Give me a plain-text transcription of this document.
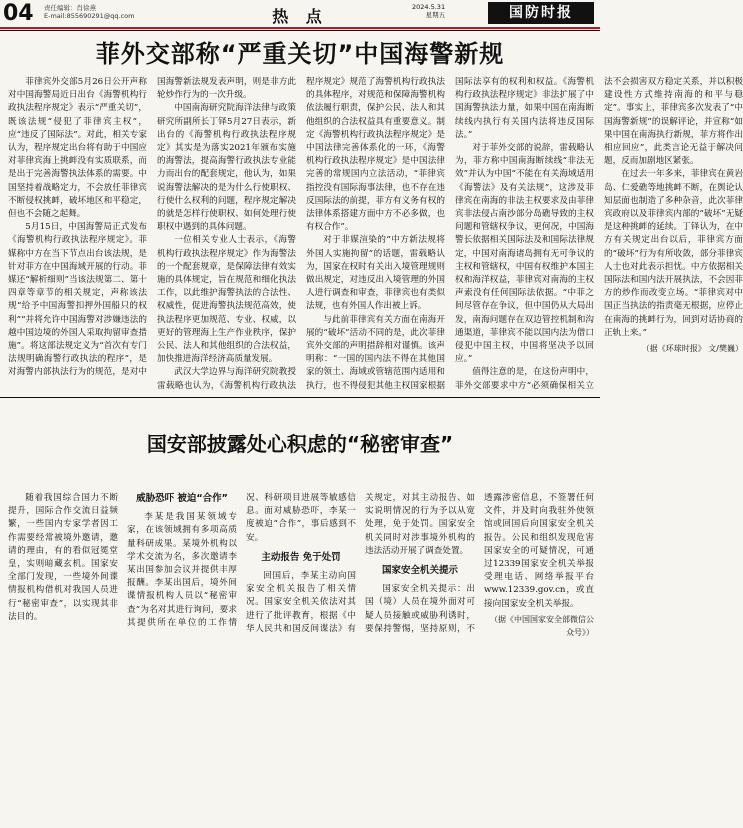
04 责任编辑：肖徐燕
E-mail:855690291@qq.com	热 点	2024.5.31
星期五	国防时报
菲外交部称“严重关切”中国海警新规

菲律宾外交部5月26日公开声称对中国海警局近日出台《海警机构行政执法程序规定》表示“严重关切”，既该法规“侵犯了菲律宾主权”，应“违反了国际法”。对此，相关专家认为，程序规定出台将有助于中国应对菲律宾海上挑衅没有实质联系，而是出于完善海警执法体系的需要。中国坚持着战略定力，不会放任菲律宾不断侵权挑衅，破坏地区和平稳定，但也不会随之起舞。

5月15日，中国海警局正式发布《海警机构行政执法程序规定》。菲媒称中方在当下节点出台该法规，是针对菲方在中国海域开展的行动。菲媒还“解析细则”当该法规第二、第十四章等章节的相关规定，声称该法规“给予中国海警扣押外国船只的权利”“并将允许中国海警对涉嫌违法的越中国边境的外国人采取拘留审查措施”。将这部法规定义为“首次有专门法规明确海警行政执法的程序”，是对海警内部执法行为的规范，是对中国海警新法规发表声明，则是非方此轮炒作行为的一次升级。

中国南海研究院海洋法律与政策研究所副所长丁铎5月27日表示，新出台的《海警机构行政执法程序规定》其实是为落实2021年颁布实施的海警法，提高海警行政执法专业能力而出台的配套规定，他认为，如果说海警法解决的是为什么行使职权、行使什么权利的问题，程序规定解决的就是怎样行使职权、如何处理行使职权中遇到的具体问题。

一位相关专业人士表示，《海警机构行政执法程序规定》作为海警法的一个配套规章，是保障法律有效实施的具体规定，旨在规范和细化执法工作，以此维护海警执法的合法性、权威性，促进海警执法规范高效，使执法程序更加规范、专业、权威，以更好的管理海上生产作业秩序，保护公民、法人和其他组织的合法权益，加快推进海洋经济高质量发展。

武汉大学边界与海洋研究院教授雷载略也认为，《海警机构行政执法程序规定》规范了海警机构行政执法的具体程序，对规范和保障海警机构依法履行职责，保护公民、法人和其他组织的合法权益具有重要意义。制定《海警机构行政执法程序规定》是中国法律完善体系化的一环，《海警机构行政执法程序规定》是中国法律完善的常规国内立法活动，“菲律宾指控没有国际海事法律，也不存在违反国际法的前提，菲方有义务有权的法律体系搭建方面中方不必多做，也有权合作”。

对于非媒渲染的“中方新法规将外国人实施拘留”的话题，雷载略认为，国家在权时有关出入境管理规则做出规定，对违反出入境管理的外国人进行调查和审查，菲律宾也有类似法规，也有外国人作出被上诉。

与此前菲律宾有关方面在南海开展的“破坏”活动不同的是，此次菲律宾外交部的声明措辞相对谨慎。该声明称：“一国的国内法不得在其他国家的领土、海域或管辖范围内适用和执行，也不得侵犯其他主权国家根据国际法享有的权利和权益。《海警机构行政执法程序规定》非法扩展了中国海警执法力量，如果中国在南海断续线内执行有关国内法将违反国际法。”

对于菲外交部的说辞，雷载略认为，菲方称中国南海断续线“非法无效”并认为中国“不能在有关海域适用《海警法》及有关法规”，这涉及菲律宾在南海的非法主权要求及由菲律宾非法侵占南沙部分岛礁导致的主权问题和管辖权争议，更何况，中国海警长依据相关国际法及和国际法律规定，中国对南海诸岛拥有无可争议的主权和管辖权，中国有权维护本国主权和海洋权益，菲律宾对南海的主权声索没有任何国际法依据。“中菲之间尽管存在争议，但中国仍从大局出发，南海问题存在双边管控机制和沟通渠道，菲律宾不能以国内法为借口侵犯中国主权，中国将坚决予以回应。”

值得注意的是，在这份声明中，菲外交部要求中方“必须确保相关立法不会损害双方稳定关系，并以积极建设性方式维持南海的和平与稳定”。事实上，菲律宾多次发表了“中国海警新规”的误解评论，并宣称“如果中国在南海执行新规，菲方将作出相应回应”，此类言论无益于解决问题，反而加剧地区紧张。

在过去一年多来，菲律宾在黄岩岛、仁爱礁等地挑衅不断，在舆论认知层面也制造了多种杂音，此次菲律宾政府以及菲律宾内部的“破坏”无疑是这种挑衅的延续。丁铎认为，在中方有关规定出台以后，菲律宾方面的“破坏”行为有所收敛，部分菲律宾人士也对此表示担忧。中方依据相关国际法和国内法开展执法，不会因菲方的炒作而改变立场。“菲律宾对中国正当执法的指责毫无根据，应停止在南海的挑衅行为，回到对话协商的正轨上来。”

（据《环球时报》 文/樊巍）
国安部披露处心积虑的“秘密审查”

随着我国综合国力不断提升，国际合作交流日益频繁，一些国内专家学者因工作需要经常被境外邀请，邀请的理由，有的看似冠冕堂皇，实则暗藏玄机。国家安全部门发现，一些境外间谍情报机构借机对我国人员进行“秘密审查”，以实现其非法目的。

威胁恐吓 被迫“合作”

李某是我国某领域专家，在该领域拥有多项高质量科研成果。某境外机构以学术交流为名，多次邀请李某出国参加会议并提供丰厚报酬。李某出国后，境外间谍情报机构人员以“秘密审查”为名对其进行询问，要求其提供所在单位的工作情况、科研项目进展等敏感信息。面对威胁恐吓，李某一度被迫“合作”，事后感到不安。

主动报告 免于处罚

回国后，李某主动向国家安全机关报告了相关情况。国家安全机关依法对其进行了批评教育，根据《中华人民共和国反间谍法》有关规定，对其主动报告、如实说明情况的行为予以从宽处理，免于处罚。国家安全机关同时对涉事境外机构的违法活动开展了调查处置。

国家安全机关提示

国家安全机关提示：出国（境）人员在境外面对可疑人员接触或威胁利诱时，要保持警惕，坚持原则，不透露涉密信息，不签署任何文件，并及时向我驻外使领馆或回国后向国家安全机关报告。公民和组织发现危害国家安全的可疑情况，可通过12339国家安全机关举报受理电话、网络举报平台www.12339.gov.cn，或直接向国家安全机关举报。

（据《中国国家安全部微信公众号》）
